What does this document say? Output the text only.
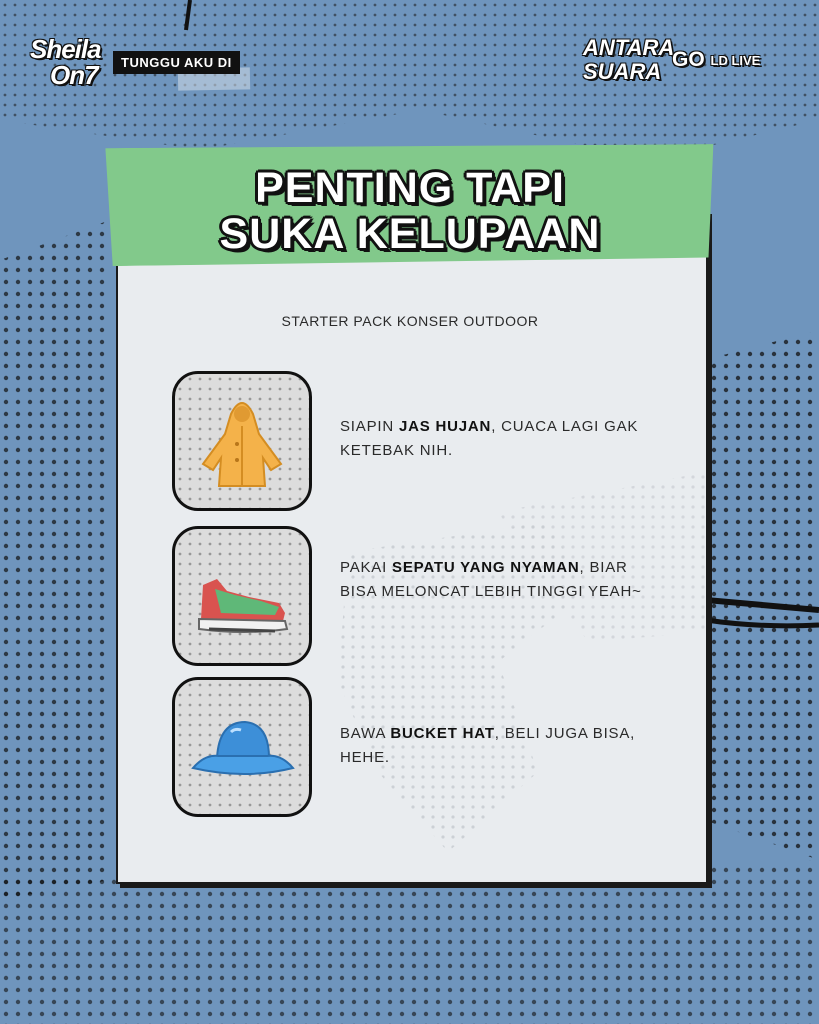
Sheila
On7	TUNGGU AKU DI
ANTARA
SUARA GO LD LIVE
PENTING TAPI
SUKA KELUPAAN
STARTER PACK KONSER OUTDOOR
SIAPIN JAS HUJAN, CUACA LAGI GAK KETEBAK NIH.
PAKAI SEPATU YANG NYAMAN, BIAR BISA MELONCAT LEBIH TINGGI YEAH~
BAWA BUCKET HAT, BELI JUGA BISA, HEHE.
